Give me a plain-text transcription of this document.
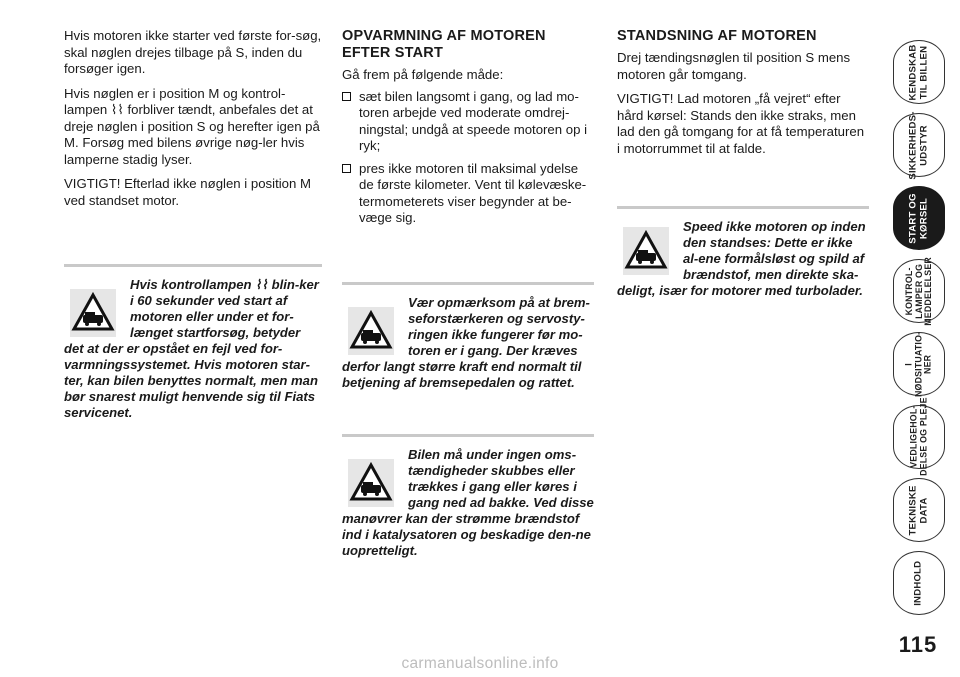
Hvis motoren ikke starter ved første for-søg, skal nøglen drejes tilbage på S, inden du forsøger igen.

Hvis nøglen er i position M og kontrol-lampen ⌇⌇ forbliver tændt, anbefales det at dreje nøglen i position S og herefter igen på M. Forsøg med bilens øvrige nøg-ler hvis lamperne stadig lyser.

VIGTIGT! Efterlad ikke nøglen i position M ved standset motor.

OPVARMNING AF MOTOREN EFTER START

Gå frem på følgende måde:

sæt bilen langsomt i gang, og lad mo-toren arbejde ved moderate omdrej-ningstal; undgå at speede motoren op i ryk;
pres ikke motoren til maksimal ydelse de første kilometer. Vent til kølevæske-termometerets viser begynder at be-væge sig.
STANDSNING AF MOTOREN

Drej tændingsnøglen til position S mens motoren går tomgang.

VIGTIGT! Lad motoren „få vejret“ efter hård kørsel: Stands den ikke straks, men lad den gå tomgang for at få temperaturen i motorrummet til at falde.

Hvis kontrollampen ⌇⌇ blin-ker i 60 sekunder ved start af motoren eller under et for-længet startforsøg, betyder det at der er opstået en fejl ved for-varmningssystemet. Hvis motoren star-ter, kan bilen benyttes normalt, men man bør snarest muligt henvende sig til Fiats servicenet.
Vær opmærksom på at brem-seforstærkeren og servosty-ringen ikke fungerer før mo-toren er i gang. Der kræves derfor langt større kraft end normalt til betjening af bremsepedalen og rattet.
Bilen må under ingen oms-tændigheder skubbes eller trækkes i gang eller køres i gang ned ad bakke. Ved disse manøvrer kan der strømme brændstof ind i katalysatoren og beskadige den-ne uopretteligt.
Speed ikke motoren op inden den standses: Dette er ikke al-ene formålsløst og spild af brændstof, men direkte ska-deligt, især for motorer med turbolader.
KENDSKAB
TIL BILLEN
SIKKERHEDS-
UDSTYR
START OG
KØRSEL
KONTROL-
LAMPER OG
MEDDELELSER
I
NØDSITUATIO-
NER
VEDLIGEHOL-
DELSE OG PLEJE
TEKNISKE
DATA
INDHOLD
115
carmanualsonline.info
